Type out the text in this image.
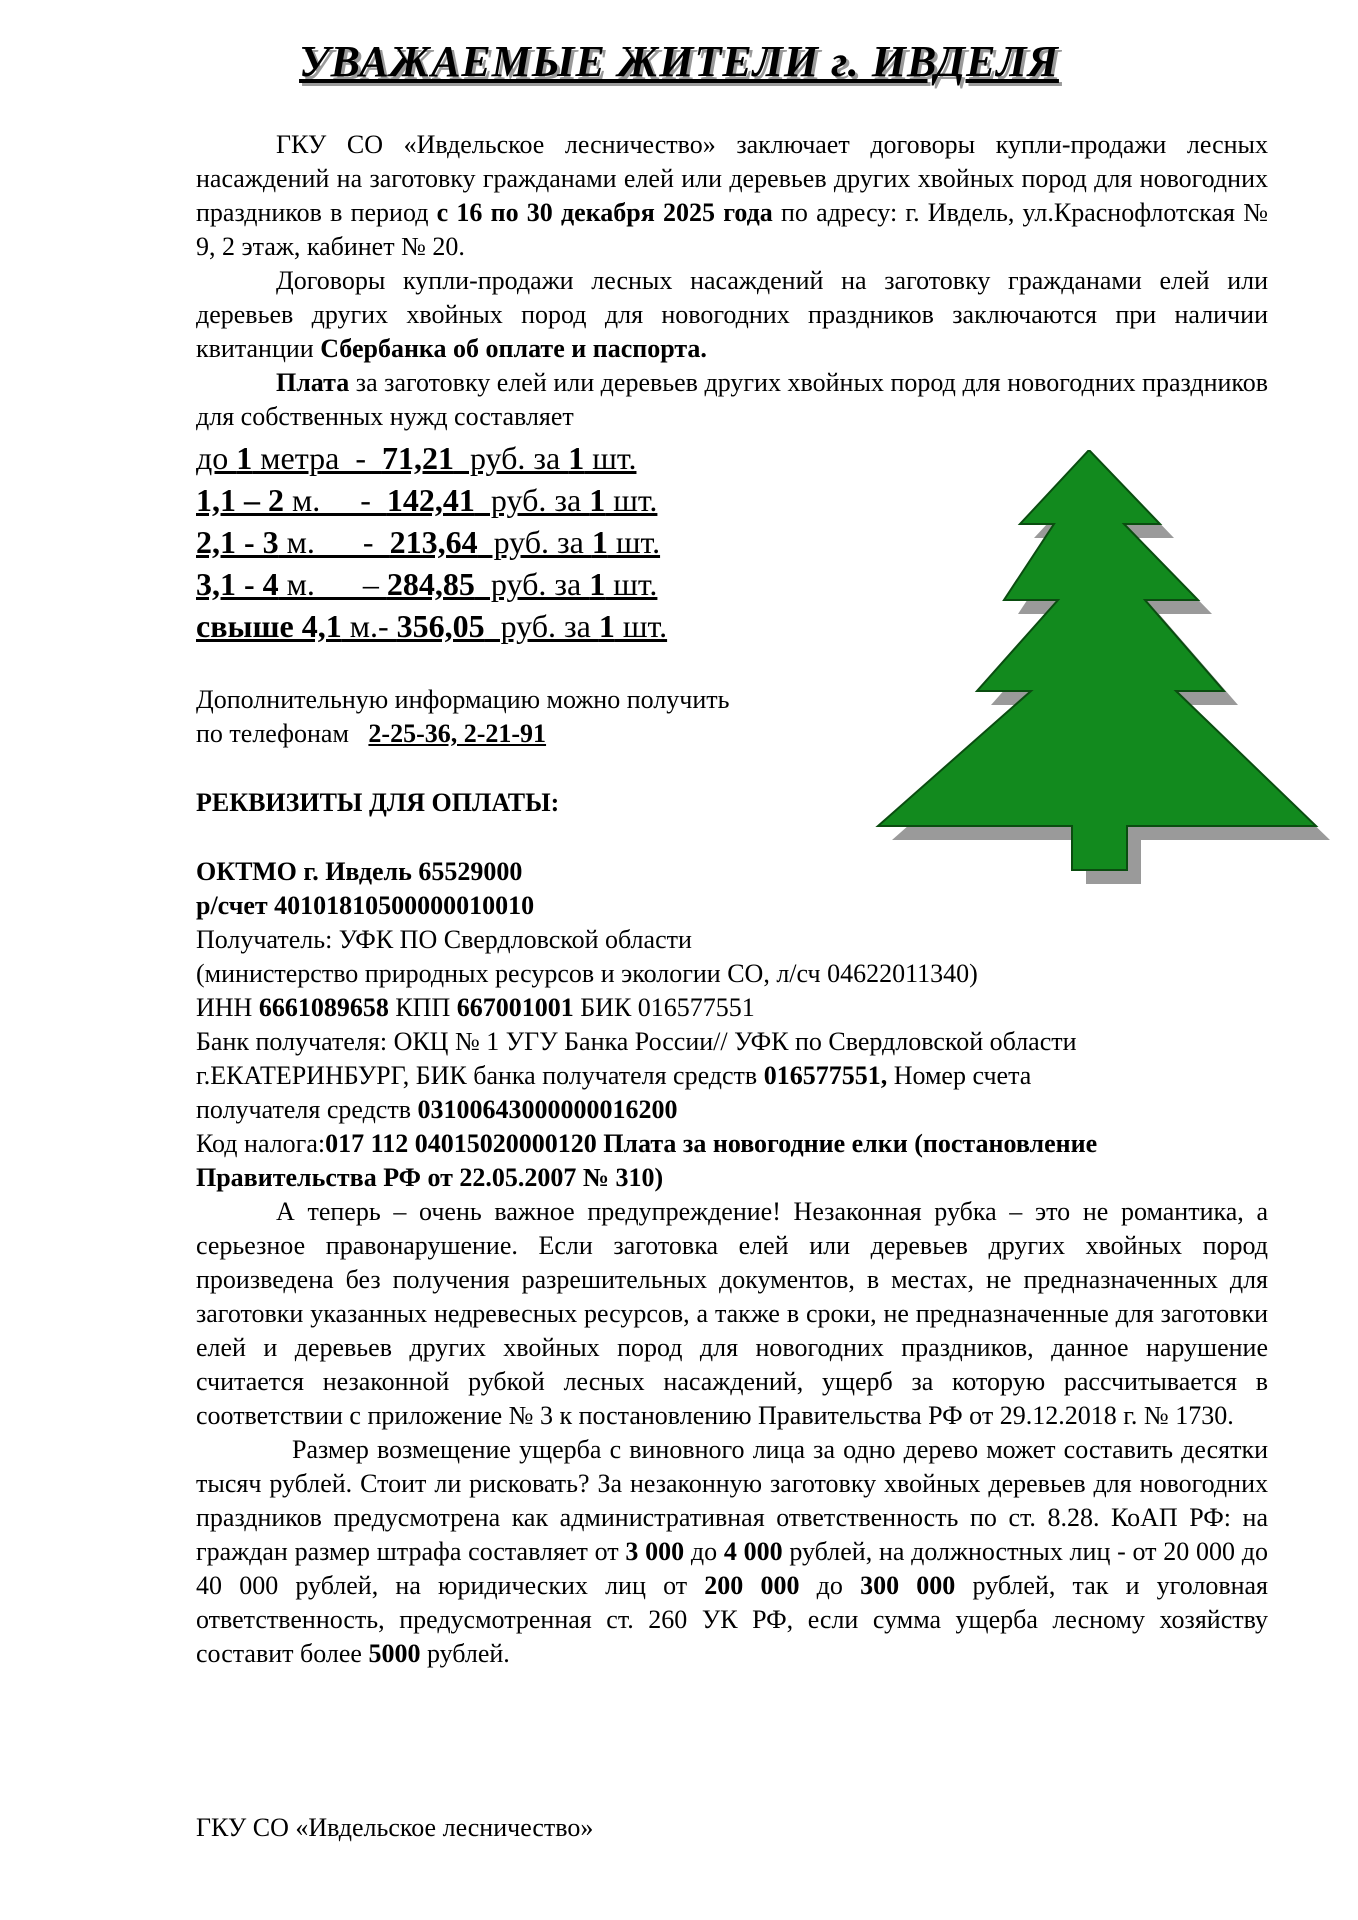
УВАЖАЕМЫЕ ЖИТЕЛИ г. ИВДЕЛЯ

ГКУ СО «Ивдельское лесничество» заключает договоры купли-продажи лесных насаждений на заготовку гражданами елей или деревьев других хвойных пород для новогодних праздников в период с 16 по 30 декабря 2025 года по адресу: г. Ивдель, ул.Краснофлотская № 9, 2 этаж, кабинет № 20.

Договоры купли-продажи лесных насаждений на заготовку гражданами елей или деревьев других хвойных пород для новогодних праздников заключаются при наличии квитанции Сбербанка об оплате и паспорта.

Плата за заготовку елей или деревьев других хвойных пород для новогодних праздников для собственных нужд составляет

до 1 метра  -  71,21  руб. за 1 шт.
1,1 – 2 м.     -  142,41  руб. за 1 шт.
2,1 - 3 м.      -  213,64  руб. за 1 шт.
3,1 - 4 м.      – 284,85  руб. за 1 шт.
свыше 4,1 м.- 356,05  руб. за 1 шт.
Дополнительную информацию можно получить
по телефонам   2-25-36, 2-21-91
РЕКВИЗИТЫ ДЛЯ ОПЛАТЫ:
ОКТМО г. Ивдель 65529000
р/счет 40101810500000010010
Получатель: УФК ПО Свердловской области
(министерство природных ресурсов и экологии СО, л/сч 04622011340)
ИНН 6661089658 КПП 667001001 БИК 016577551
Банк получателя: ОКЦ № 1 УГУ Банка России// УФК по Свердловской области
г.ЕКАТЕРИНБУРГ, БИК банка получателя средств 016577551, Номер счета
получателя средств 03100643000000016200
Код налога:017 112 04015020000120 Плата за новогодние елки (постановление
Правительства РФ от 22.05.2007 № 310)

А теперь – очень важное предупреждение! Незаконная рубка – это не романтика, а серьезное правонарушение. Если заготовка елей или деревьев других хвойных пород произведена без получения разрешительных документов, в местах, не предназначенных для заготовки указанных недревесных ресурсов, а также в сроки, не предназначенные для заготовки елей и деревьев других хвойных пород для новогодних праздников, данное нарушение считается незаконной рубкой лесных насаждений, ущерб за которую рассчитывается в соответствии с приложение № 3 к постановлению Правительства РФ от 29.12.2018 г. № 1730.

Размер возмещение ущерба с виновного лица за одно дерево может составить десятки тысяч рублей. Стоит ли рисковать? За незаконную заготовку хвойных деревьев для новогодних праздников предусмотрена как административная ответственность по ст. 8.28. КоАП РФ: на граждан размер штрафа составляет от 3 000 до 4 000 рублей, на должностных лиц - от 20 000 до 40 000 рублей, на юридических лиц от 200 000 до 300 000 рублей, так и уголовная ответственность, предусмотренная ст. 260 УК РФ, если сумма ущерба лесному хозяйству составит более 5000 рублей.

ГКУ СО «Ивдельское лесничество»
